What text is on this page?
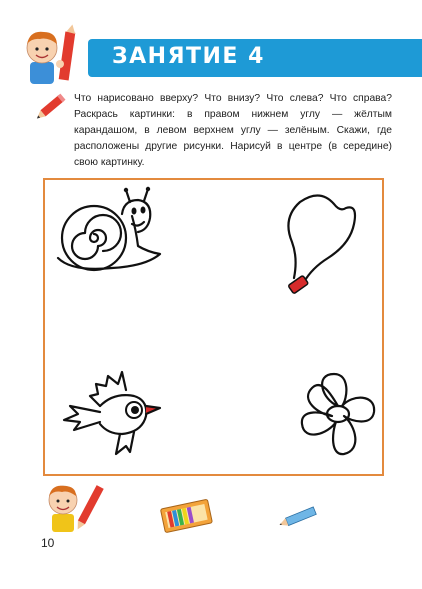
ЗАНЯТИЕ 4
Что нарисовано вверху? Что внизу? Что слева? Что справа? Раскрась картинки: в правом нижнем углу — жёлтым карандашом, в левом верхнем углу — зелёным. Скажи, где расположены другие рисунки. Нарисуй в центре (в середине) свою картинку.
10
